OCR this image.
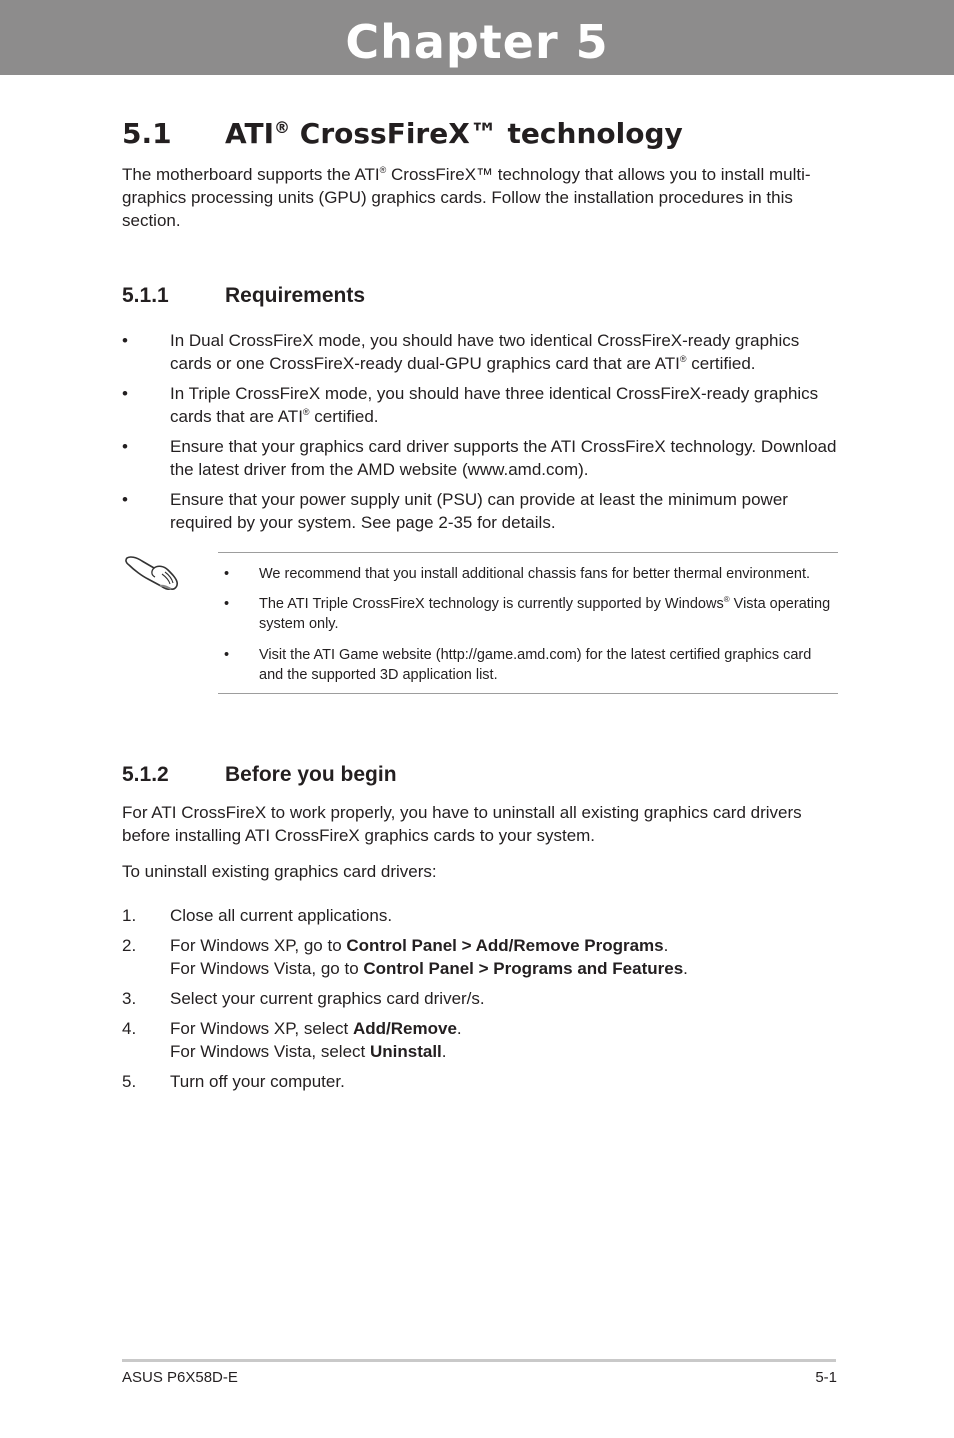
Chapter 5
5.1 ATI® CrossFireX™ technology
The motherboard supports the ATI® CrossFireX™ technology that allows you to install multi-graphics processing units (GPU) graphics cards. Follow the installation procedures in this section.
5.1.1	Requirements
•	In Dual CrossFireX mode, you should have two identical CrossFireX-ready graphics cards or one CrossFireX-ready dual-GPU graphics card that are ATI® certified.
•	In Triple CrossFireX mode, you should have three identical CrossFireX-ready graphics cards that are ATI® certified.
•	Ensure that your graphics card driver supports the ATI CrossFireX technology. Download the latest driver from the AMD website (www.amd.com).
•	Ensure that your power supply unit (PSU) can provide at least the minimum power required by your system. See page 2-35 for details.
• We recommend that you install additional chassis fans for better thermal environment.
• The ATI Triple CrossFireX technology is currently supported by Windows® Vista operating system only.
• Visit the ATI Game website (http://game.amd.com) for the latest certified graphics card and the supported 3D application list.
5.1.2	Before you begin
For ATI CrossFireX to work properly, you have to uninstall all existing graphics card drivers before installing ATI CrossFireX graphics cards to your system.
To uninstall existing graphics card drivers:
1.	Close all current applications.
2.	For Windows XP, go to Control Panel > Add/Remove Programs.
For Windows Vista, go to Control Panel > Programs and Features.
3.	Select your current graphics card driver/s.
4.	For Windows XP, select Add/Remove.
For Windows Vista, select Uninstall.
5.	Turn off your computer.
ASUS P6X58D-E	5-1
